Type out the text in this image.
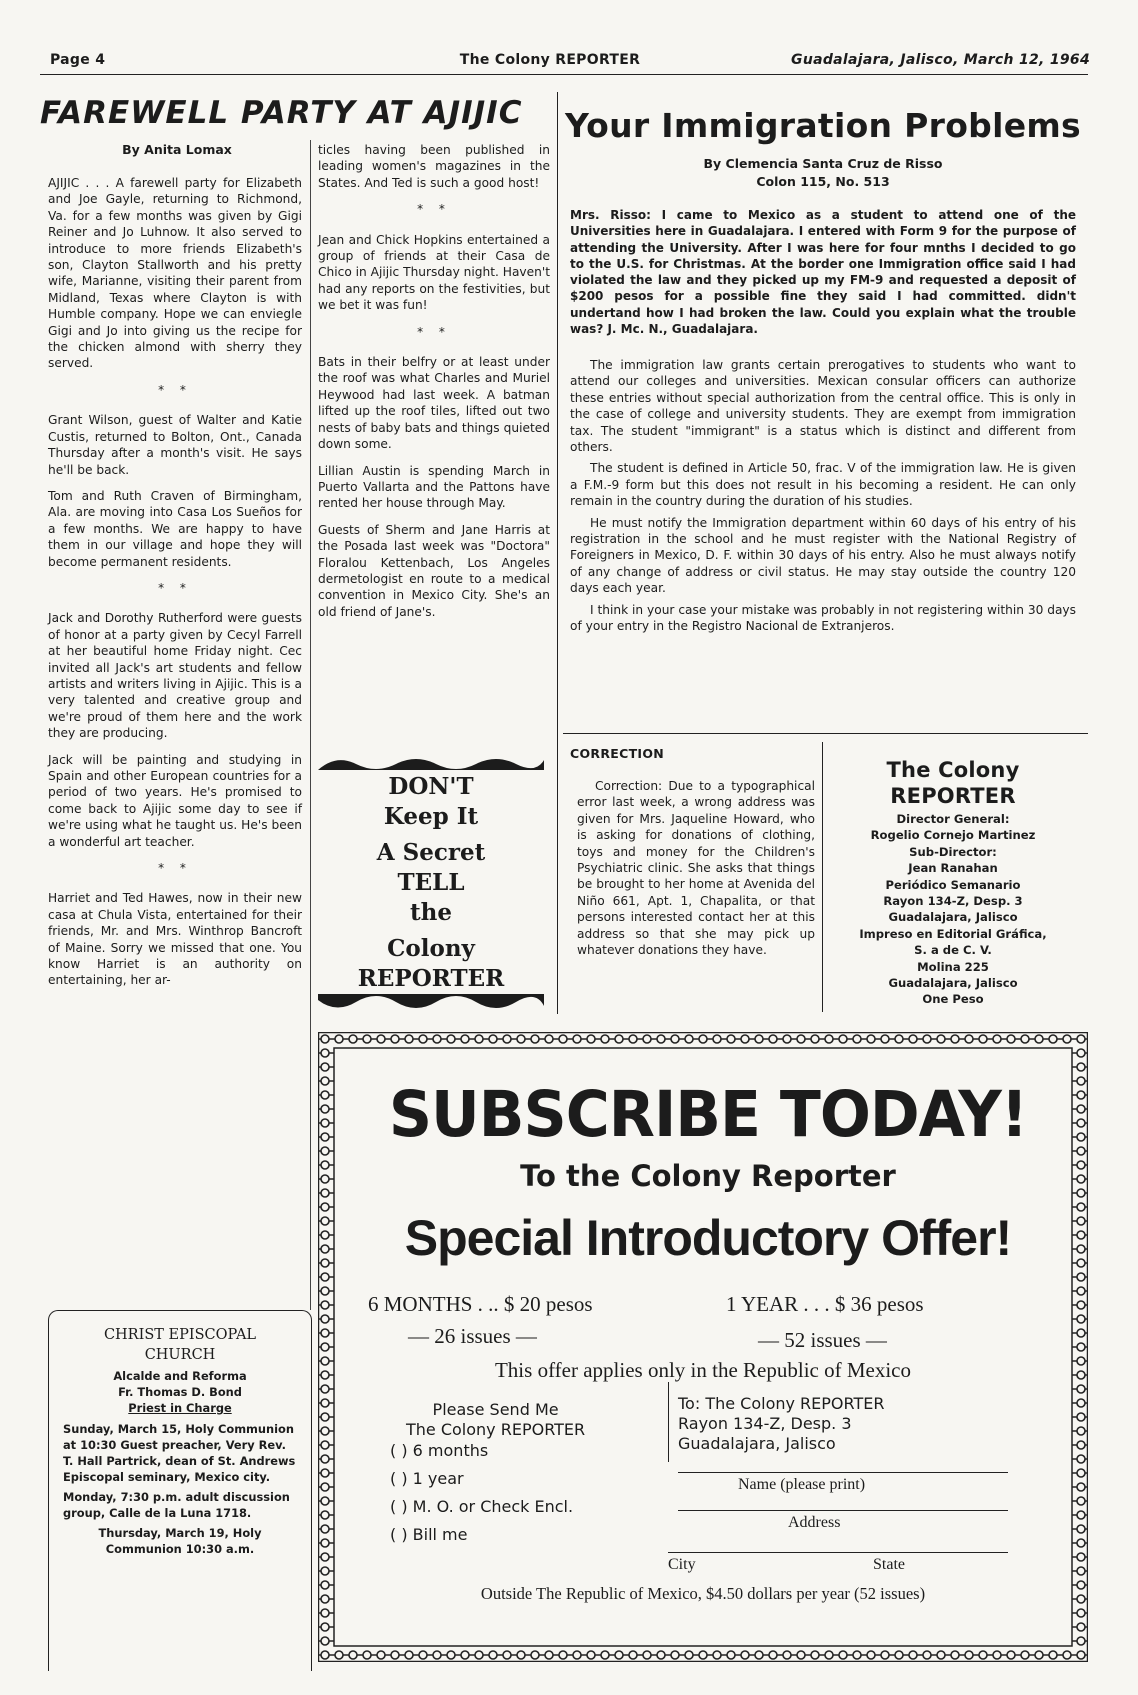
Page 4	The Colony REPORTER	Guadalajara, Jalisco, March 12, 1964
FAREWELL PARTY AT AJIJIC
By Anita Lomax

AJIJIC . . . A farewell party for Elizabeth and Joe Gayle, returning to Richmond, Va. for a few months was given by Gigi Reiner and Jo Luhnow. It also served to introduce to more friends Elizabeth's son, Clayton Stallworth and his pretty wife, Marianne, visiting their parent from Midland, Texas where Clayton is with Humble company. Hope we can enviegle Gigi and Jo into giving us the recipe for the chicken almond with sherry they served.

* *

Grant Wilson, guest of Walter and Katie Custis, returned to Bolton, Ont., Canada Thursday after a month's visit. He says he'll be back.

Tom and Ruth Craven of Birmingham, Ala. are moving into Casa Los Sueños for a few months. We are happy to have them in our village and hope they will become permanent residents.

* *

Jack and Dorothy Rutherford were guests of honor at a party given by Cecyl Farrell at her beautiful home Friday night. Cec invited all Jack's art students and fellow artists and writers living in Ajijic. This is a very talented and creative group and we're proud of them here and the work they are producing.

Jack will be painting and studying in Spain and other European countries for a period of two years. He's promised to come back to Ajijic some day to see if we're using what he taught us. He's been a wonderful art teacher.

* *

Harriet and Ted Hawes, now in their new casa at Chula Vista, entertained for their friends, Mr. and Mrs. Winthrop Bancroft of Maine. Sorry we missed that one. You know Harriet is an authority on entertaining, her ar-

ticles having been published in leading women's magazines in the States. And Ted is such a good host!

* *

Jean and Chick Hopkins entertained a group of friends at their Casa de Chico in Ajijic Thursday night. Haven't had any reports on the festivities, but we bet it was fun!

* *

Bats in their belfry or at least under the roof was what Charles and Muriel Heywood had last week. A batman lifted up the roof tiles, lifted out two nests of baby bats and things quieted down some.

Lillian Austin is spending March in Puerto Vallarta and the Pattons have rented her house through May.

Guests of Sherm and Jane Harris at the Posada last week was "Doctora" Floralou Kettenbach, Los Angeles dermetologist en route to a medical convention in Mexico City. She's an old friend of Jane's.

DON'T
Keep It
A Secret
TELL
the
Colony
REPORTER
Your Immigration Problems
By Clemencia Santa Cruz de Risso
Colon 115, No. 513
Mrs. Risso: I came to Mexico as a student to attend one of the Universities here in Guadalajara. I entered with Form 9 for the purpose of attending the University. After I was here for four mnths I decided to go to the U.S. for Christmas. At the border one Immigration office said I had violated the law and they picked up my FM-9 and requested a deposit of $200 pesos for a possible fine they said I had committed. didn't undertand how I had broken the law. Could you explain what the trouble was? J. Mc. N., Guadalajara.

The immigration law grants certain prerogatives to students who want to attend our colleges and universities. Mexican consular officers can authorize these entries without special authorization from the central office. This is only in the case of college and university students. They are exempt from immigration tax. The student "immigrant" is a status which is distinct and different from others.

The student is defined in Article 50, frac. V of the immigration law. He is given a F.M.-9 form but this does not result in his becoming a resident. He can only remain in the country during the duration of his studies.

He must notify the Immigration department within 60 days of his entry of his registration in the school and he must register with the National Registry of Foreigners in Mexico, D. F. within 30 days of his entry. Also he must always notify of any change of address or civil status. He may stay outside the country 120 days each year.

I think in your case your mistake was probably in not registering within 30 days of your entry in the Registro Nacional de Extranjeros.

CORRECTION

Correction: Due to a typographical error last week, a wrong address was given for Mrs. Jaqueline Howard, who is asking for donations of clothing, toys and money for the Children's Psychiatric clinic. She asks that things be brought to her home at Avenida del Niño 661, Apt. 1, Chapalita, or that persons interested contact her at this address so that she may pick up whatever donations they have.

The Colony REPORTER
Director General:
Rogelio Cornejo Martinez
Sub-Director:
Jean Ranahan
Periódico Semanario
Rayon 134-Z, Desp. 3
Guadalajara, Jalisco
Impreso en Editorial Gráfica,
S. a de C. V.
Molina 225
Guadalajara, Jalisco
One Peso
CHRIST EPISCOPAL
CHURCH
Alcalde and Reforma
Fr. Thomas D. Bond
Priest in Charge
Sunday, March 15, Holy Communion at 10:30 Guest preacher, Very Rev. T. Hall Partrick, dean of St. Andrews Episcopal seminary, Mexico city.
Monday, 7:30 p.m. adult discussion group, Calle de la Luna 1718.
Thursday, March 19, Holy Communion 10:30 a.m.
SUBSCRIBE TODAY!
To the Colony Reporter
Special Introductory Offer!
6 MONTHS . .. $ 20 pesos	1 YEAR . . . $ 36 pesos
— 26 issues —	— 52 issues —
This offer applies only in the Republic of Mexico
Please Send Me
The Colony REPORTER
( ) 6 months
( ) 1 year
( ) M. O. or Check Encl.
( ) Bill me
To: The Colony REPORTER
Rayon 134-Z, Desp. 3
Guadalajara, Jalisco
Name (please print)
Address
City	State
Outside The Republic of Mexico, $4.50 dollars per year (52 issues)
